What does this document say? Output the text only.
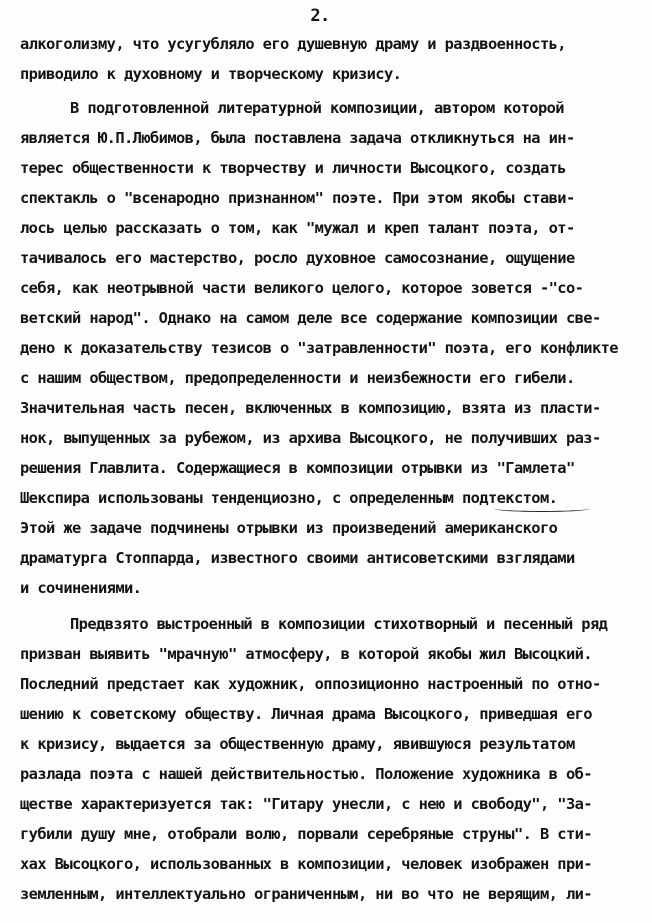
2.
алкоголизму, что усугубляло его душевную драму и раздвоенность,
приводило к духовному и творческому кризису.
В подготовленной литературной композиции, автором которой
является Ю.П.Любимов, была поставлена задача откликнуться на ин-
терес общественности к творчеству и личности Высоцкого, создать
спектакль о "всенародно признанном" поэте. При этом якобы стави-
лось целью рассказать о том, как "мужал и креп талант поэта, от-
тачивалось его мастерство, росло духовное самосознание, ощущение
себя, как неотрывной части великого целого, которое зовется -"со-
ветский народ". Однако на самом деле все содержание композиции све-
дено к доказательству тезисов о "затравленности" поэта, его конфликте
с нашим обществом, предопределенности и неизбежности его гибели.
Значительная часть песен, включенных в композицию, взята из пласти-
нок, выпущенных за рубежом, из архива Высоцкого, не получивших раз-
решения Главлита. Содержащиеся в композиции отрывки из "Гамлета"
Шекспира использованы тенденциозно, с определенным подтекстом.
Этой же задаче подчинены отрывки из произведений американского
драматурга Стоппарда, известного своими антисоветскими взглядами
и сочинениями.
Предвзято выстроенный в композиции стихотворный и песенный ряд
призван выявить "мрачную" атмосферу, в которой якобы жил Высоцкий.
Последний предстает как художник, оппозиционно настроенный по отно-
шению к советскому обществу. Личная драма Высоцкого, приведшая его
к кризису, выдается за общественную драму, явившуюся результатом
разлада поэта с нашей действительностью. Положение художника в об-
ществе характеризуется так: "Гитару унесли, с нею и свободу", "За-
губили душу мне, отобрали волю, порвали серебряные струны". В сти-
хах Высоцкого, использованных в композиции, человек изображен при-
земленным, интеллектуально ограниченным, ни во что не верящим, ли-
